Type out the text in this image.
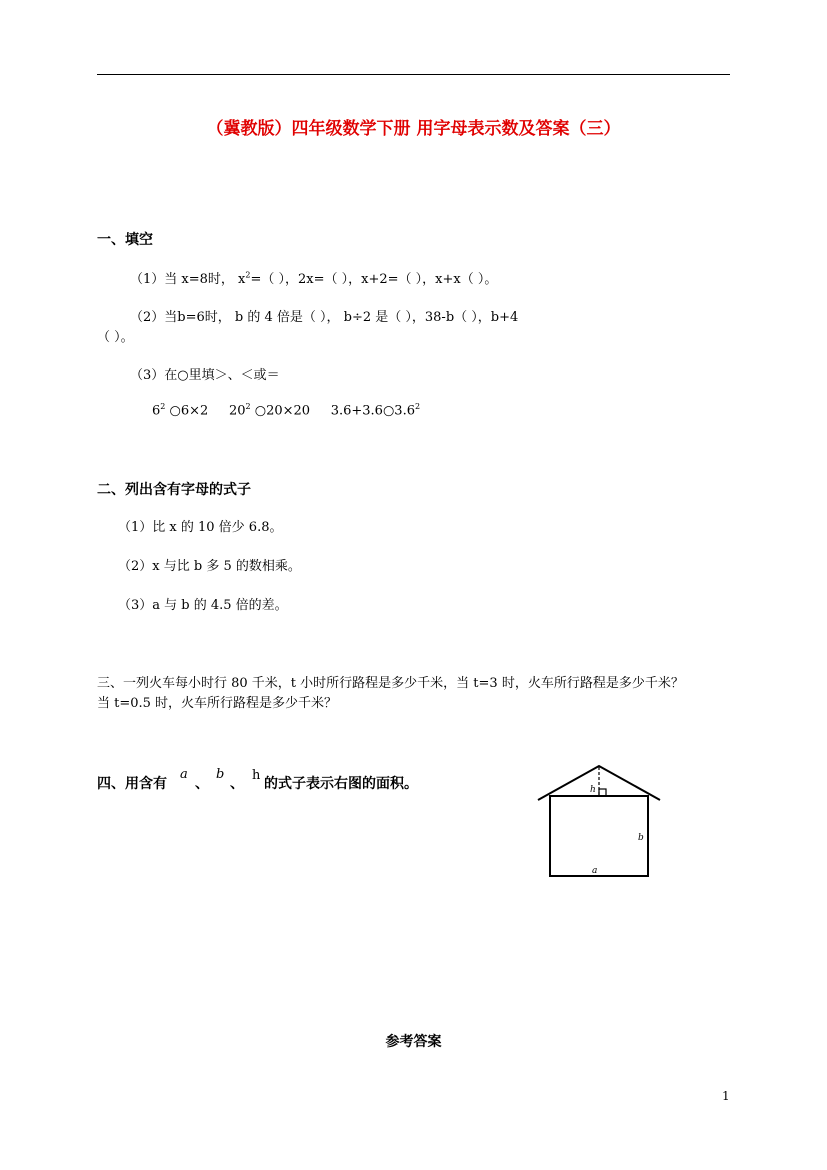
（冀教版）四年级数学下册 用字母表示数及答案（三）
一、填空
（1）当 x=8时， $x^2=$（ ），2x=（ ），x+2=（ ），x+x（ ）。
（2）当b=6时， b 的 4 倍是（ ）， b÷2 是（ ），38-b（ ），b+4
（ ）。
（3）在○里填＞、＜或＝
$6^2$ ○6×2     $20^2$ ○20×20     $3.6+3.6○3.6^2$
二、列出含有字母的式子
（1）比 x 的 10 倍少 6.8。
（2）x 与比 b 多 5 的数相乘。
（3）a 与 b 的 4.5 倍的差。
三、一列火车每小时行 80 千米，t 小时所行路程是多少千米，当 t=3 时，火车所行路程是多少千米？
当 t=0.5 时，火车所行路程是多少千米？
四、用含有
a
、
b
、
h
的式子表示右图的面积。	h
b
a
参考答案
1
